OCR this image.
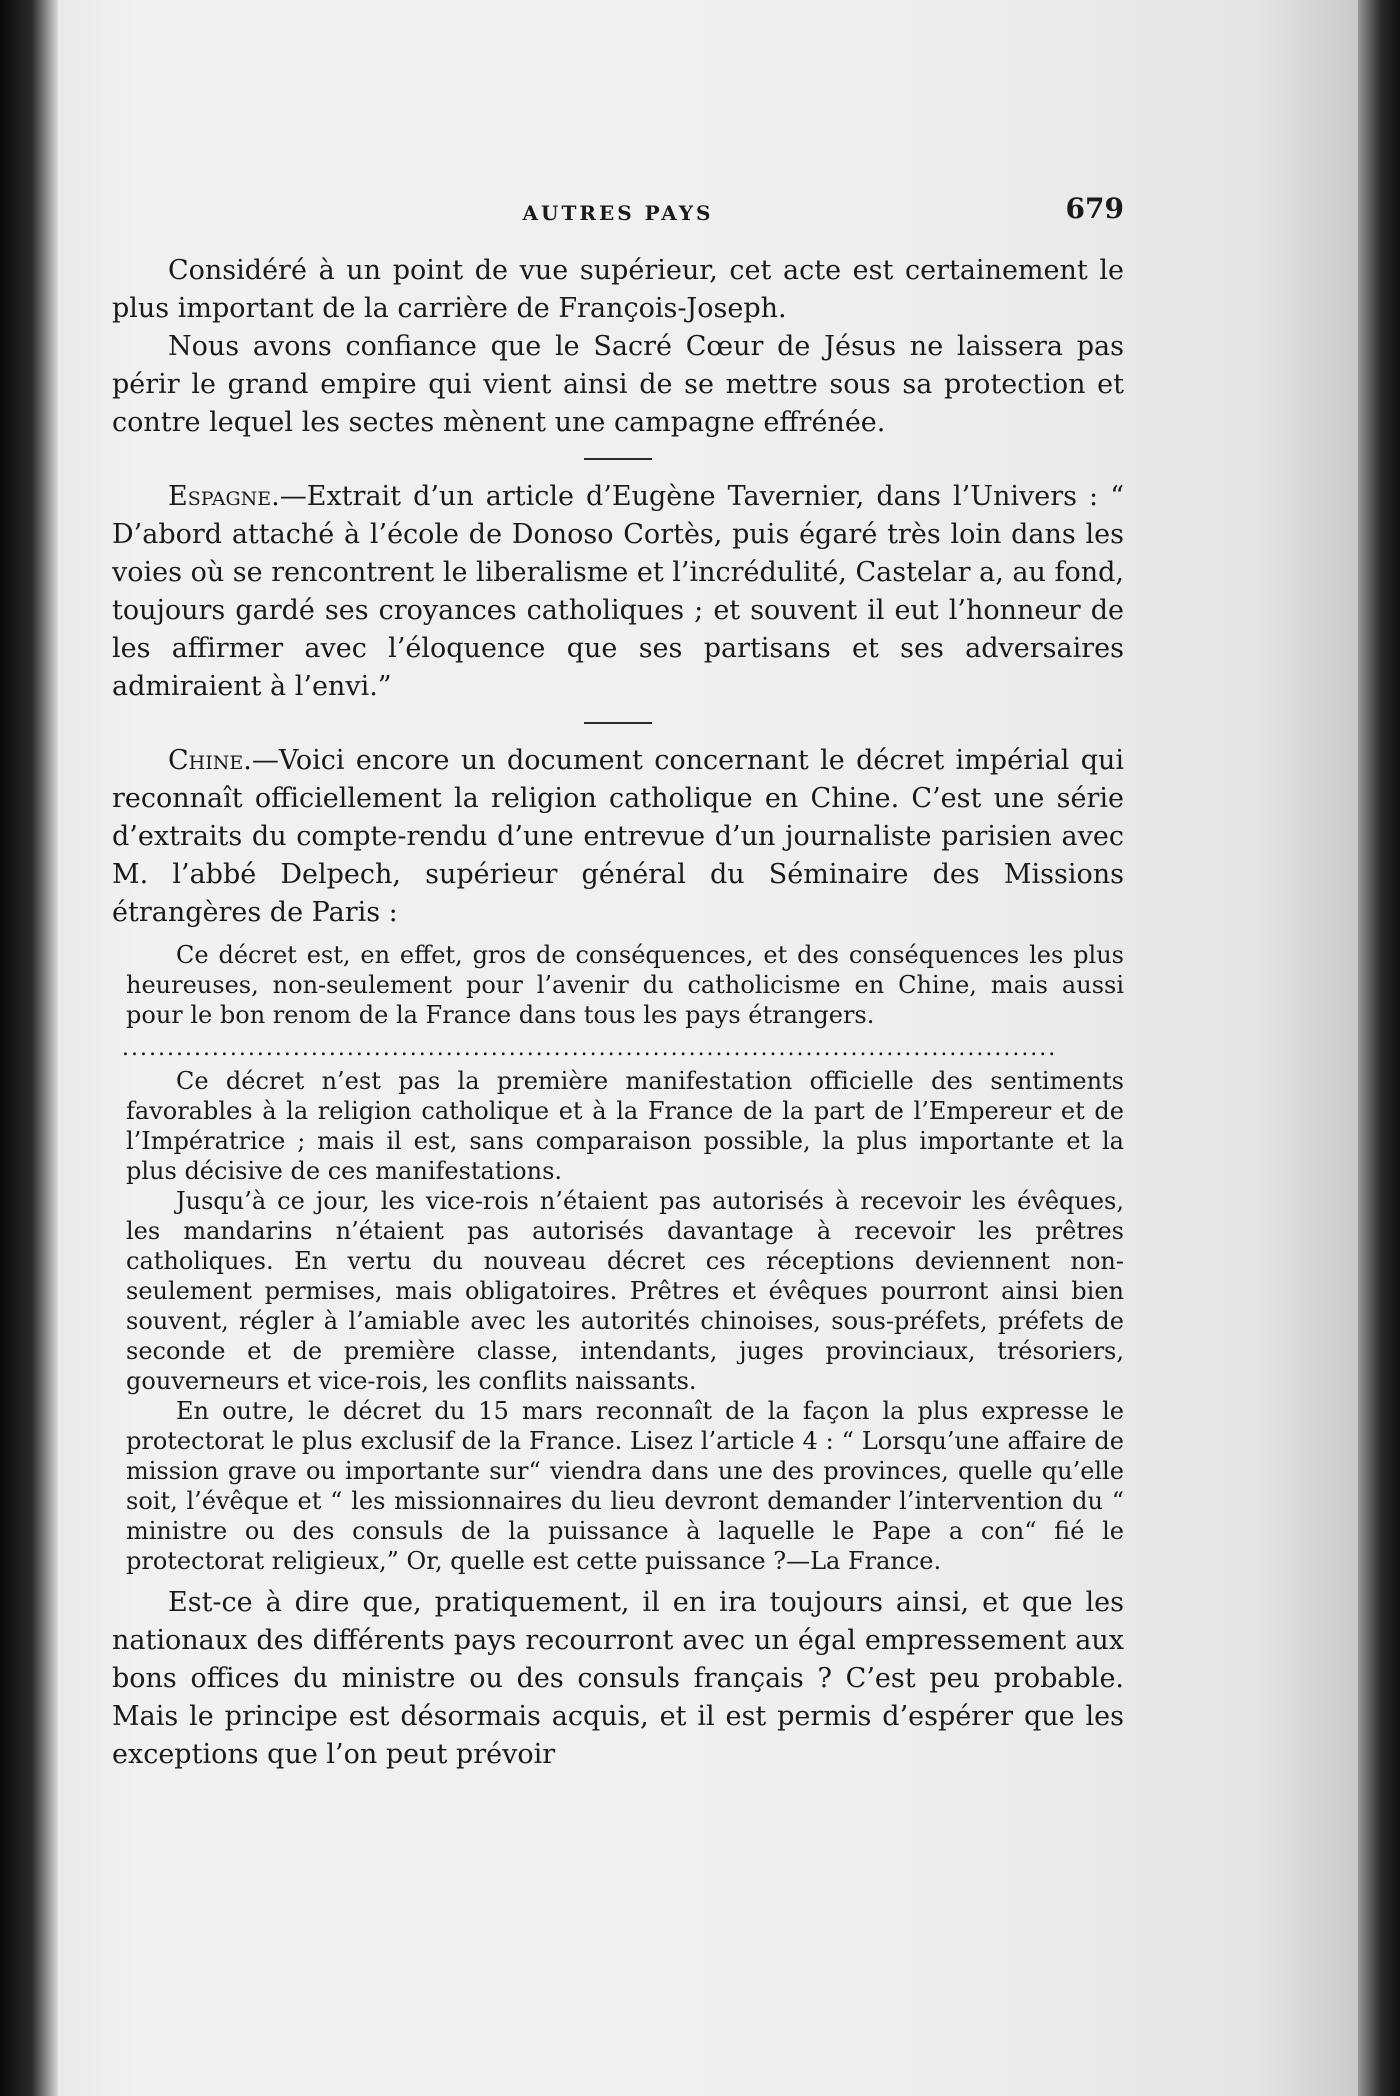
AUTRES PAYS	679

Considéré à un point de vue supérieur, cet acte est certainement le plus important de la carrière de François-Joseph.

Nous avons confiance que le Sacré Cœur de Jésus ne laissera pas périr le grand empire qui vient ainsi de se mettre sous sa protection et contre lequel les sectes mènent une campagne effrénée.

Espagne.—Extrait d’un article d’Eugène Tavernier, dans l’Univers : “ D’abord attaché à l’école de Donoso Cortès, puis égaré très loin dans les voies où se rencontrent le liberalisme et l’incrédulité, Castelar a, au fond, toujours gardé ses croyances catholiques ; et souvent il eut l’honneur de les affirmer avec l’éloquence que ses partisans et ses adversaires admiraient à l’envi.”

Chine.—Voici encore un document concernant le décret impérial qui reconnaît officiellement la religion catholique en Chine. C’est une série d’extraits du compte-rendu d’une entrevue d’un journaliste parisien avec M. l’abbé Delpech, supérieur général du Séminaire des Missions étrangères de Paris :

Ce décret est, en effet, gros de conséquences, et des conséquences les plus heureuses, non-seulement pour l’avenir du catholicisme en Chine, mais aussi pour le bon renom de la France dans tous les pays étrangers.

........................................................................................................

Ce décret n’est pas la première manifestation officielle des sentiments favorables à la religion catholique et à la France de la part de l’Empereur et de l’Impératrice ; mais il est, sans comparaison possible, la plus importante et la plus décisive de ces manifestations.

Jusqu’à ce jour, les vice-rois n’étaient pas autorisés à recevoir les évêques, les mandarins n’étaient pas autorisés davantage à recevoir les prêtres catholiques. En vertu du nouveau décret ces réceptions deviennent non-seulement permises, mais obligatoires. Prêtres et évêques pourront ainsi bien souvent, régler à l’amiable avec les autorités chinoises, sous-préfets, préfets de seconde et de première classe, intendants, juges provinciaux, trésoriers, gouverneurs et vice-rois, les conflits naissants.

En outre, le décret du 15 mars reconnaît de la façon la plus expresse le protectorat le plus exclusif de la France. Lisez l’article 4 : “ Lorsqu’une affaire de mission grave ou importante sur“ viendra dans une des provinces, quelle qu’elle soit, l’évêque et “ les missionnaires du lieu devront demander l’intervention du “ ministre ou des consuls de la puissance à laquelle le Pape a con“ fié le protectorat religieux,” Or, quelle est cette puissance ?—La France.

Est-ce à dire que, pratiquement, il en ira toujours ainsi, et que les nationaux des différents pays recourront avec un égal empressement aux bons offices du ministre ou des consuls français ? C’est peu probable. Mais le principe est désormais acquis, et il est permis d’espérer que les exceptions que l’on peut prévoir
